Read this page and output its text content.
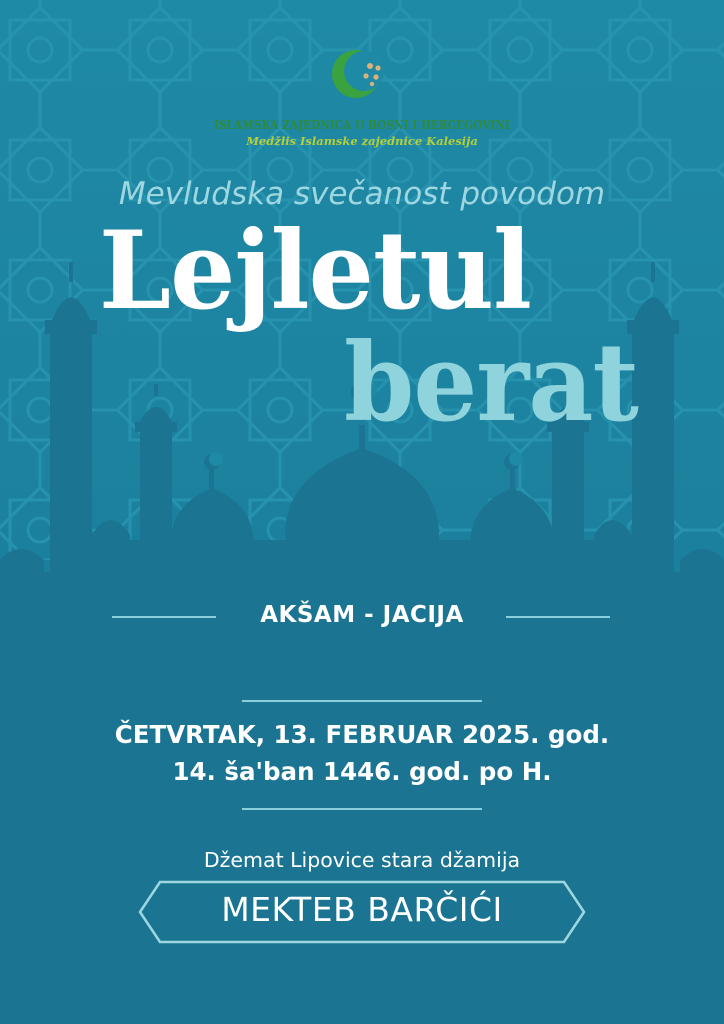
ISLAMSKA ZAJEDNICA U BOSNI I HERCEGOVINI

Medžlis Islamske zajednice Kalesija

Mevludska svečanost povodom

Lejletul

berat

AKŠAM - JACIJA

ČETVRTAK, 13. FEBRUAR 2025. god.

14. ša'ban 1446. god. po H.

Džemat Lipovice stara džamija

MEKTEB BARČIĆI
